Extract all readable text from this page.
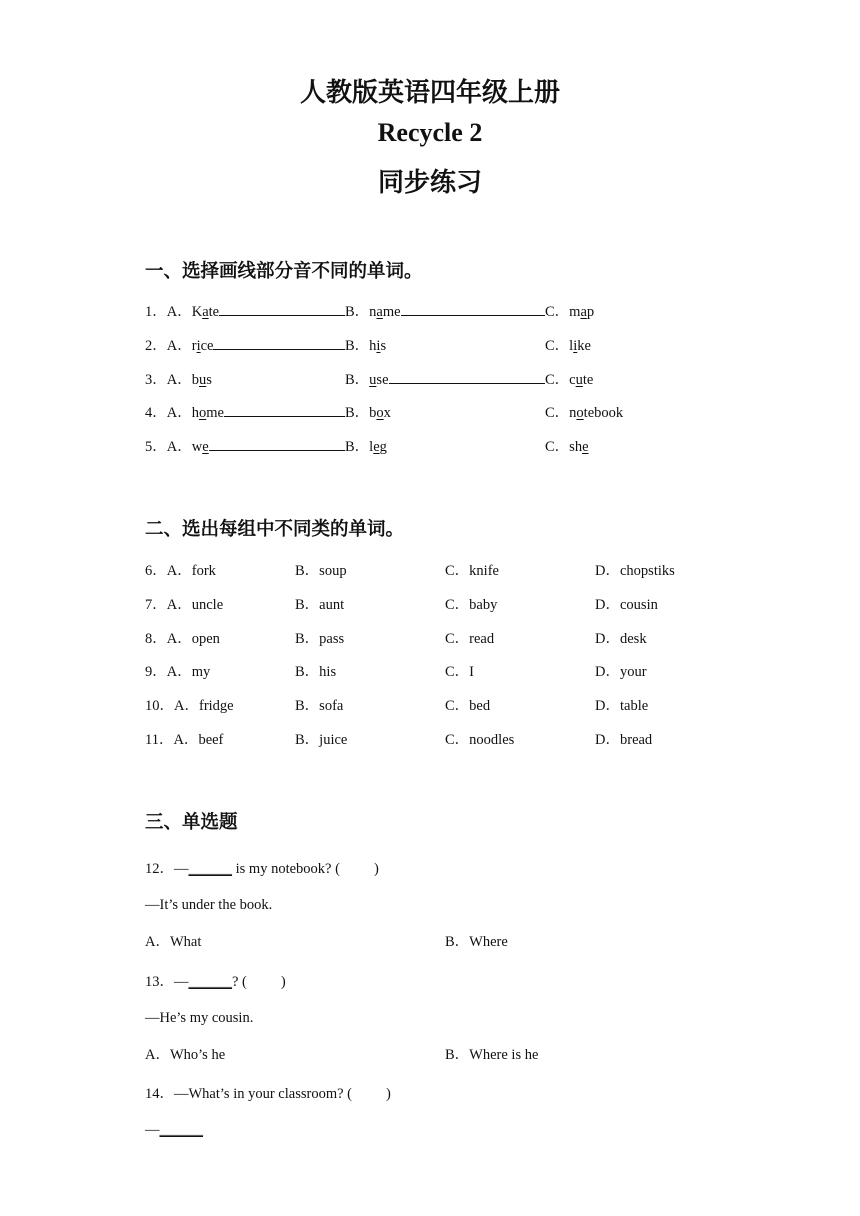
人教版英语四年级上册
Recycle 2
同步练习
一、选择画线部分音不同的单词。
1．A．Kate	B．name	C．map
2．A．rice	B．his	C．like
3．A．bus	B．use	C．cute
4．A．home	B．box	C．notebook
5．A．we	B．leg	C．she
二、选出每组中不同类的单词。
6．A．fork	B．soup	C．knife	D．chopstiks
7．A．uncle	B．aunt	C．baby	D．cousin
8．A．open	B．pass	C．read	D．desk
9．A．my	B．his	C．I	D．your
10．A．fridge	B．sofa	C．bed	D．table
11．A．beef	B．juice	C．noodles	D．bread
三、单选题
12．—______ is my notebook? ( )
—It’s under the book.
A．What	B．Where
13．—______? ( )
—He’s my cousin.
A．Who’s he	B．Where is he
14．—What’s in your classroom? ( )
—______
